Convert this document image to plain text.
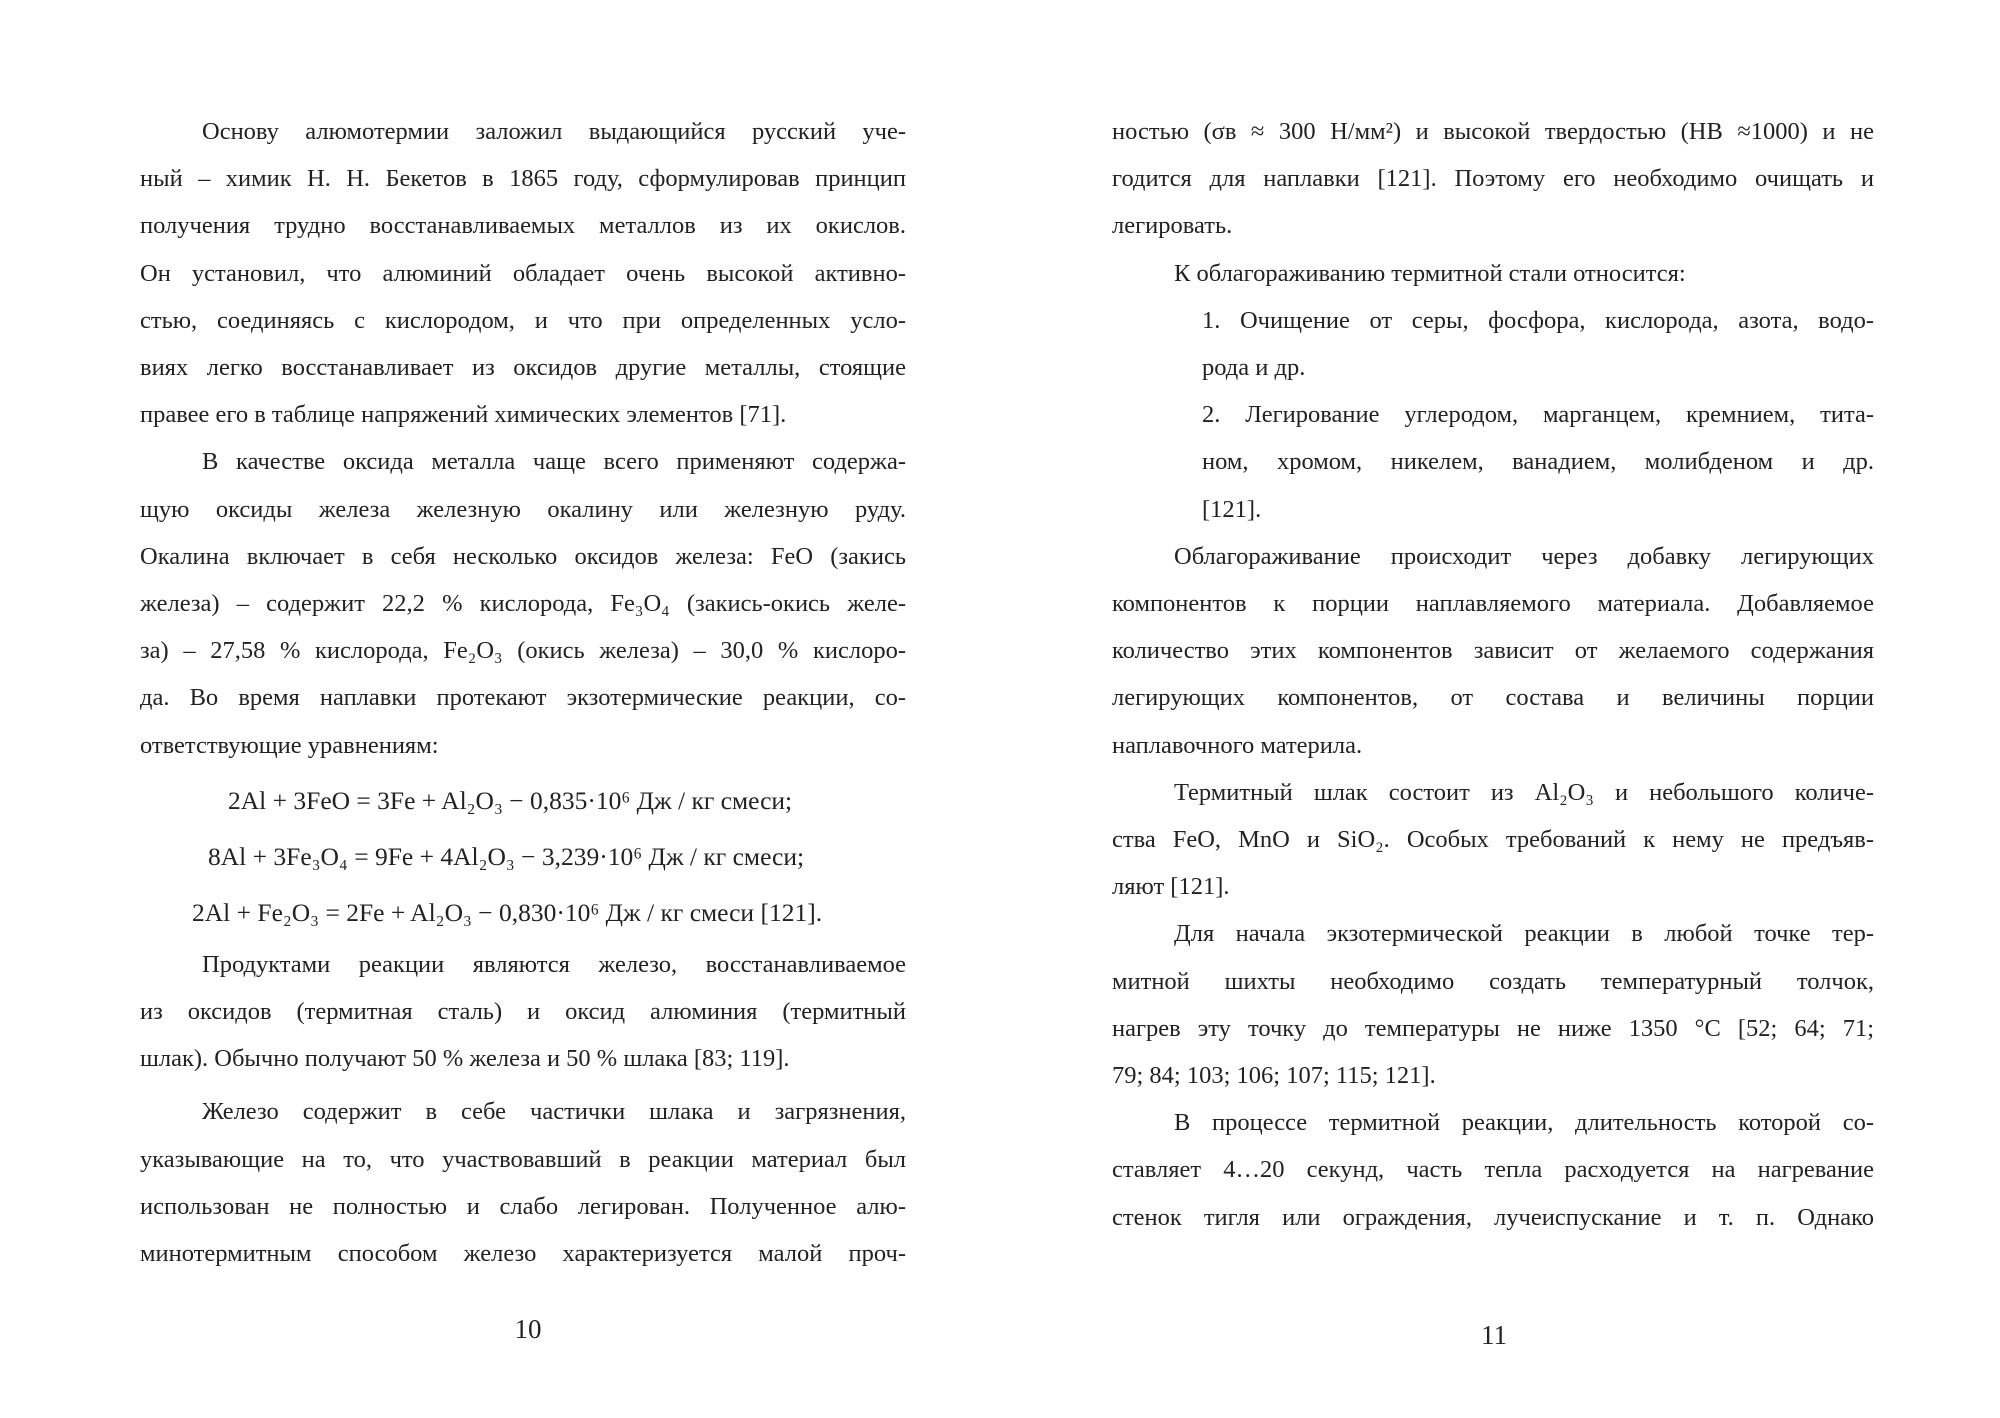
Основу алюмотермии заложил выдающийся русский уче-

ный – химик Н. Н. Бекетов в 1865 году, сформулировав принцип

получения трудно восстанавливаемых металлов из их окислов.

Он установил, что алюминий обладает очень высокой активно-

стью, соединяясь с кислородом, и что при определенных усло-

виях легко восстанавливает из оксидов другие металлы, стоящие

правее его в таблице напряжений химических элементов [71].

В качестве оксида металла чаще всего применяют содержа-

щую оксиды железа железную окалину или железную руду.

Окалина включает в себя несколько оксидов железа: FeO (закись

железа) – содержит 22,2 % кислорода, Fe₃O₄ (закись-окись желе-

за) – 27,58 % кислорода, Fe₂O₃ (окись железа) – 30,0 % кислоро-

да. Во время наплавки протекают экзотермические реакции, со-

ответствующие уравнениям:

2Al + 3FeO = 3Fe + Al₂O₃ − 0,835·10⁶ Дж / кг смеси;
8Al + 3Fe₃O₄ = 9Fe + 4Al₂O₃ − 3,239·10⁶ Дж / кг смеси;
2Al + Fe₂O₃ = 2Fe + Al₂O₃ − 0,830·10⁶ Дж / кг смеси [121].

Продуктами реакции являются железо, восстанавливаемое

из оксидов (термитная сталь) и оксид алюминия (термитный

шлак). Обычно получают 50 % железа и 50 % шлака [83; 119].

Железо содержит в себе частички шлака и загрязнения,

указывающие на то, что участвовавший в реакции материал был

использован не полностью и слабо легирован. Полученное алю-

минотермитным способом железо характеризуется малой проч-

10

ностью (σв ≈ 300 Н/мм²) и высокой твердостью (НВ ≈1000) и не

годится для наплавки [121]. Поэтому его необходимо очищать и

легировать.

К облагораживанию термитной стали относится:

1. Очищение от серы, фосфора, кислорода, азота, водо-

рода и др.

2. Легирование углеродом, марганцем, кремнием, тита-

ном, хромом, никелем, ванадием, молибденом и др.

[121].

Облагораживание происходит через добавку легирующих

компонентов к порции наплавляемого материала. Добавляемое

количество этих компонентов зависит от желаемого содержания

легирующих компонентов, от состава и величины порции

наплавочного материла.

Термитный шлак состоит из Al₂O₃ и небольшого количе-

ства FeO, MnO и SiO₂. Особых требований к нему не предъяв-

ляют [121].

Для начала экзотермической реакции в любой точке тер-

митной шихты необходимо создать температурный толчок,

нагрев эту точку до температуры не ниже 1350 °С [52; 64; 71;

79; 84; 103; 106; 107; 115; 121].

В процессе термитной реакции, длительность которой со-

ставляет 4…20 секунд, часть тепла расходуется на нагревание

стенок тигля или ограждения, лучеиспускание и т. п. Однако

11
